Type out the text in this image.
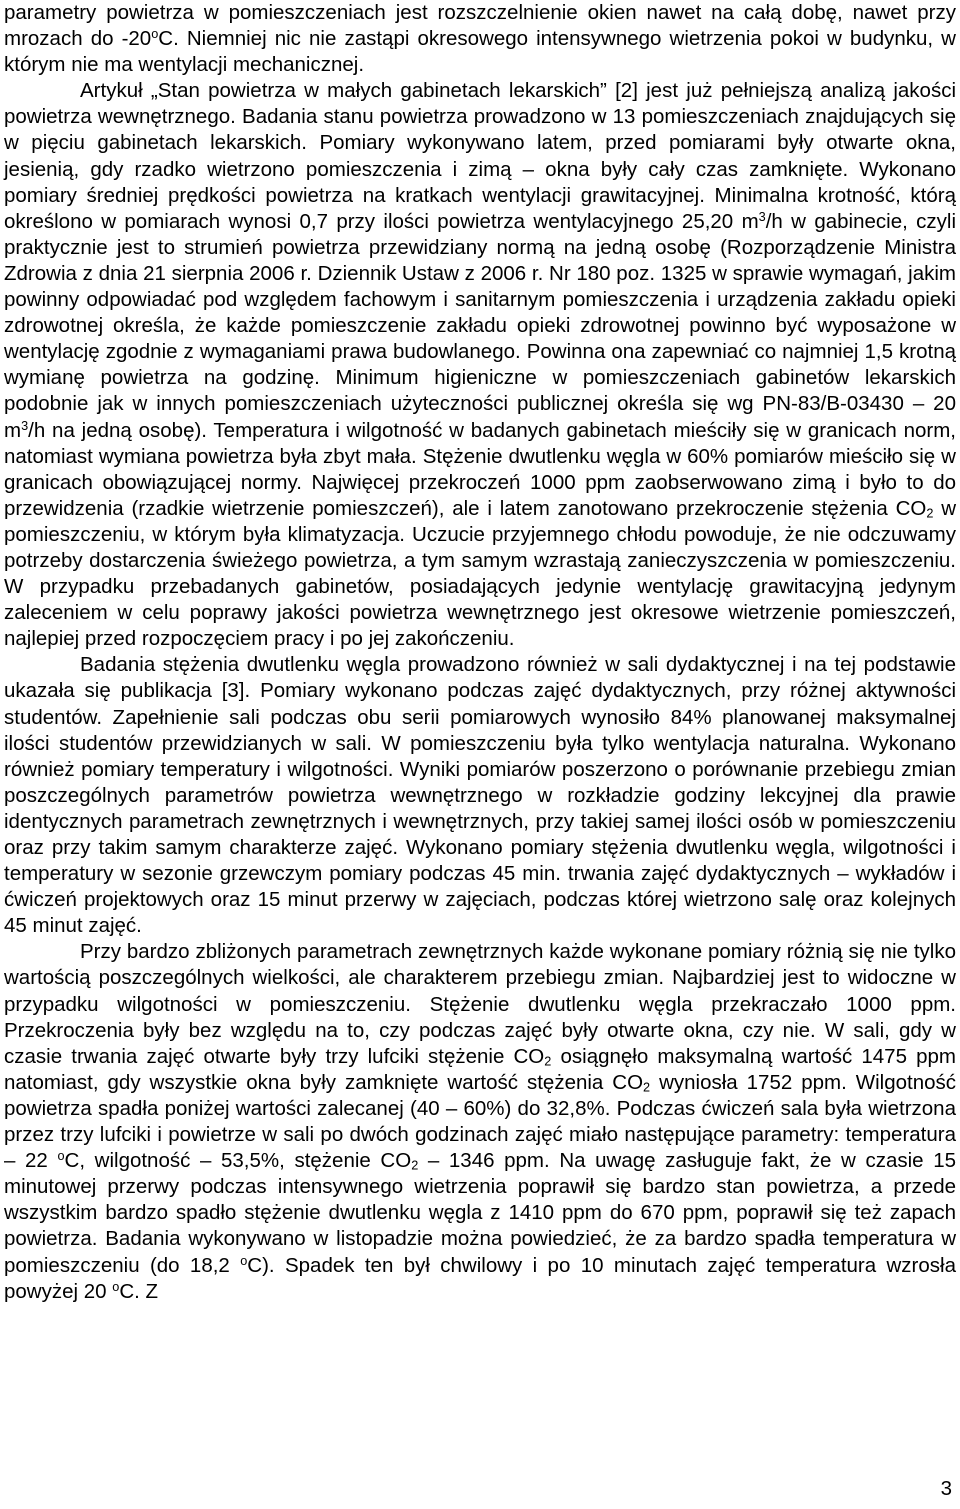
parametry powietrza w pomieszczeniach jest rozszczelnienie okien nawet na całą dobę, nawet przy mrozach do -20$^o$C. Niemniej nic nie zastąpi okresowego intensywnego wietrzenia pokoi w budynku, w którym nie ma wentylacji mechanicznej.

Artykuł „Stan powietrza w małych gabinetach lekarskich” [2] jest już pełniejszą analizą jakości powietrza wewnętrznego. Badania stanu powietrza prowadzono w 13 pomieszczeniach znajdujących się w pięciu gabinetach lekarskich. Pomiary wykonywano latem, przed pomiarami były otwarte okna, jesienią, gdy rzadko wietrzono pomieszczenia i zimą – okna były cały czas zamknięte. Wykonano pomiary średniej prędkości powietrza na kratkach wentylacji grawitacyjnej. Minimalna krotność, którą określono w pomiarach wynosi 0,7 przy ilości powietrza wentylacyjnego 25,20 $m^3/h$ w gabinecie, czyli praktycznie jest to strumień powietrza przewidziany normą na jedną osobę (Rozporządzenie Ministra Zdrowia z dnia 21 sierpnia 2006 r. Dziennik Ustaw z 2006 r. Nr 180 poz. 1325 w sprawie wymagań, jakim powinny odpowiadać pod względem fachowym i sanitarnym pomieszczenia i urządzenia zakładu opieki zdrowotnej określa, że każde pomieszczenie zakładu opieki zdrowotnej powinno być wyposażone w wentylację zgodnie z wymaganiami prawa budowlanego. Powinna ona zapewniać co najmniej 1,5 krotną wymianę powietrza na godzinę. Minimum higieniczne w pomieszczeniach gabinetów lekarskich podobnie jak w innych pomieszczeniach użyteczności publicznej określa się wg PN-83/B-03430 – 20 $m^3/h$ na jedną osobę). Temperatura i wilgotność w badanych gabinetach mieściły się w granicach norm, natomiast wymiana powietrza była zbyt mała. Stężenie dwutlenku węgla w 60% pomiarów mieściło się w granicach obowiązującej normy. Najwięcej przekroczeń 1000 ppm zaobserwowano zimą i było to do przewidzenia (rzadkie wietrzenie pomieszczeń), ale i latem zanotowano przekroczenie stężenia $CO_2$ w pomieszczeniu, w którym była klimatyzacja. Uczucie przyjemnego chłodu powoduje, że nie odczuwamy potrzeby dostarczenia świeżego powietrza, a tym samym wzrastają zanieczyszczenia w pomieszczeniu. W przypadku przebadanych gabinetów, posiadających jedynie wentylację grawitacyjną jedynym zaleceniem w celu poprawy jakości powietrza wewnętrznego jest okresowe wietrzenie pomieszczeń, najlepiej przed rozpoczęciem pracy i po jej zakończeniu.

Badania stężenia dwutlenku węgla prowadzono również w sali dydaktycznej i na tej podstawie ukazała się publikacja [3]. Pomiary wykonano podczas zajęć dydaktycznych, przy różnej aktywności studentów. Zapełnienie sali podczas obu serii pomiarowych wynosiło 84% planowanej maksymalnej ilości studentów przewidzianych w sali. W pomieszczeniu była tylko wentylacja naturalna. Wykonano również pomiary temperatury i wilgotności. Wyniki pomiarów poszerzono o porównanie przebiegu zmian poszczególnych parametrów powietrza wewnętrznego w rozkładzie godziny lekcyjnej dla prawie identycznych parametrach zewnętrznych i wewnętrznych, przy takiej samej ilości osób w pomieszczeniu oraz przy takim samym charakterze zajęć. Wykonano pomiary stężenia dwutlenku węgla, wilgotności i temperatury w sezonie grzewczym pomiary podczas 45 min. trwania zajęć dydaktycznych – wykładów i ćwiczeń projektowych oraz 15 minut przerwy w zajęciach, podczas której wietrzono salę oraz kolejnych 45 minut zajęć.

Przy bardzo zbliżonych parametrach zewnętrznych każde wykonane pomiary różnią się nie tylko wartością poszczególnych wielkości, ale charakterem przebiegu zmian. Najbardziej jest to widoczne w przypadku wilgotności w pomieszczeniu. Stężenie dwutlenku węgla przekraczało 1000 ppm. Przekroczenia były bez względu na to, czy podczas zajęć były otwarte okna, czy nie. W sali, gdy w czasie trwania zajęć otwarte były trzy lufciki stężenie $CO_2$ osiągnęło maksymalną wartość 1475 ppm natomiast, gdy wszystkie okna były zamknięte wartość stężenia $CO_2$ wyniosła 1752 ppm. Wilgotność powietrza spadła poniżej wartości zalecanej (40 – 60%) do 32,8%. Podczas ćwiczeń sala była wietrzona przez trzy lufciki i powietrze w sali po dwóch godzinach zajęć miało następujące parametry: temperatura – 22 $^o$C, wilgotność – 53,5%, stężenie $CO_2 - 1346$ ppm. Na uwagę zasługuje fakt, że w czasie 15 minutowej przerwy podczas intensywnego wietrzenia poprawił się bardzo stan powietrza, a przede wszystkim bardzo spadło stężenie dwutlenku węgla z 1410 ppm do 670 ppm, poprawił się też zapach powietrza. Badania wykonywano w listopadzie można powiedzieć, że za bardzo spadła temperatura w pomieszczeniu (do 18,2 $^o$C). Spadek ten był chwilowy i po 10 minutach zajęć temperatura wzrosła powyżej 20 $^o$C. Z

3
